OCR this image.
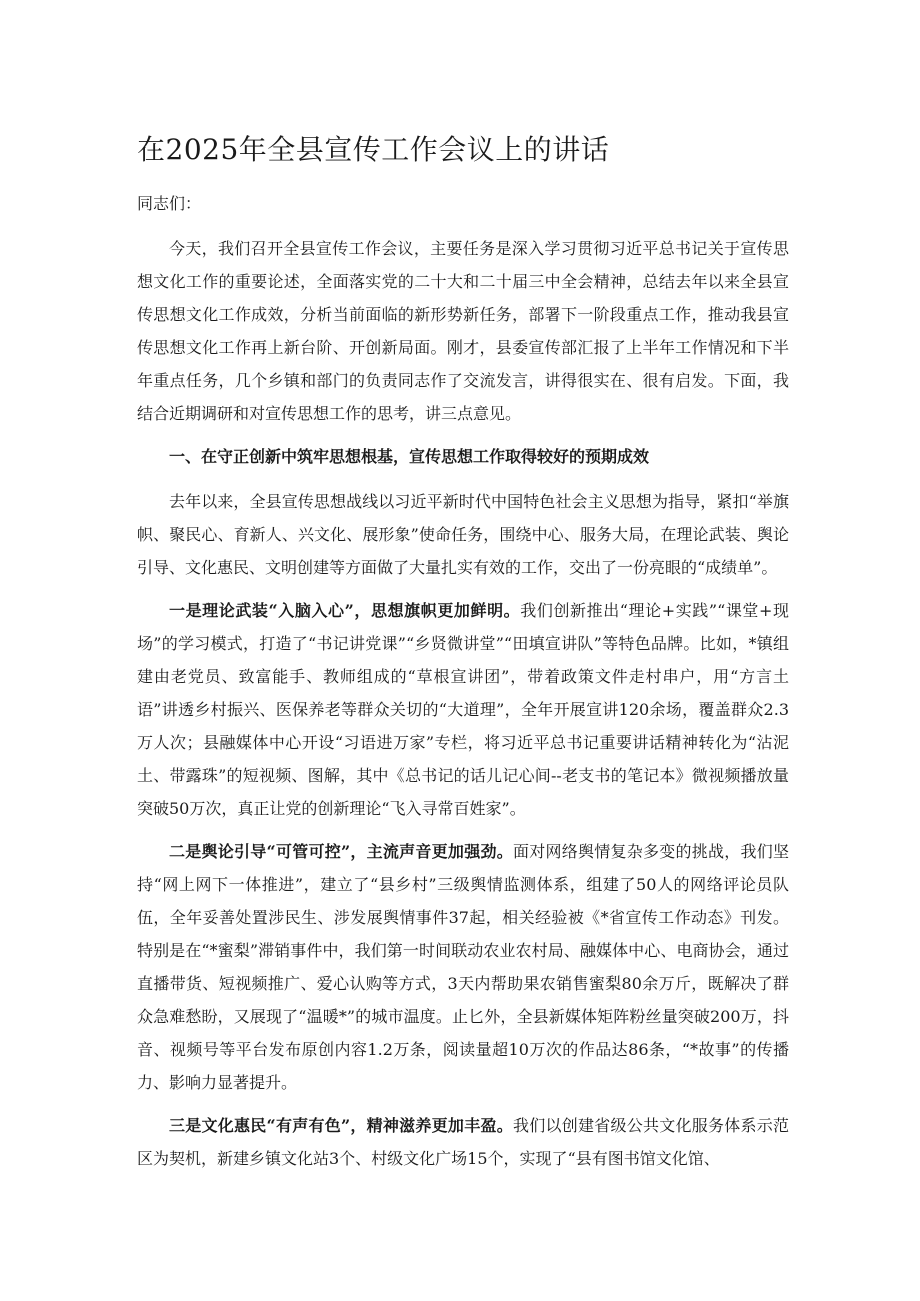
在2025年全县宣传工作会议上的讲话

同志们：

今天，我们召开全县宣传工作会议，主要任务是深入学习贯彻习近平总书记关于宣传思想文化工作的重要论述，全面落实党的二十大和二十届三中全会精神，总结去年以来全县宣传思想文化工作成效，分析当前面临的新形势新任务，部署下一阶段重点工作，推动我县宣传思想文化工作再上新台阶、开创新局面。刚才，县委宣传部汇报了上半年工作情况和下半年重点任务，几个乡镇和部门的负责同志作了交流发言，讲得很实在、很有启发。下面，我结合近期调研和对宣传思想工作的思考，讲三点意见。

一、在守正创新中筑牢思想根基，宣传思想工作取得较好的预期成效

去年以来，全县宣传思想战线以习近平新时代中国特色社会主义思想为指导，紧扣“举旗帜、聚民心、育新人、兴文化、展形象”使命任务，围绕中心、服务大局，在理论武装、舆论引导、文化惠民、文明创建等方面做了大量扎实有效的工作，交出了一份亮眼的“成绩单”。

一是理论武装“入脑入心”，思想旗帜更加鲜明。我们创新推出“理论+实践”“课堂+现场”的学习模式，打造了“书记讲党课”“乡贤微讲堂”“田填宣讲队”等特色品牌。比如，*镇组建由老党员、致富能手、教师组成的“草根宣讲团”，带着政策文件走村串户，用“方言土语”讲透乡村振兴、医保养老等群众关切的“大道理”，全年开展宣讲120余场，覆盖群众2.3万人次；县融媒体中心开设“习语进万家”专栏，将习近平总书记重要讲话精神转化为“沾泥土、带露珠”的短视频、图解，其中《总书记的话儿记心间--老支书的笔记本》微视频播放量突破50万次，真正让党的创新理论“飞入寻常百姓家”。

二是舆论引导“可管可控”，主流声音更加强劲。面对网络舆情复杂多变的挑战，我们坚持“网上网下一体推进”，建立了“县乡村”三级舆情监测体系，组建了50人的网络评论员队伍，全年妥善处置涉民生、涉发展舆情事件37起，相关经验被《*省宣传工作动态》刊发。特别是在“*蜜梨”滞销事件中，我们第一时间联动农业农村局、融媒体中心、电商协会，通过直播带货、短视频推广、爱心认购等方式，3天内帮助果农销售蜜梨80余万斤，既解决了群众急难愁盼，又展现了“温暖*”的城市温度。止匕外，全县新媒体矩阵粉丝量突破200万，抖音、视频号等平台发布原创内容1.2万条，阅读量超10万次的作品达86条，“*故事”的传播力、影响力显著提升。

三是文化惠民“有声有色”，精神滋养更加丰盈。我们以创建省级公共文化服务体系示范区为契机，新建乡镇文化站3个、村级文化广场15个，实现了“县有图书馆文化馆、
